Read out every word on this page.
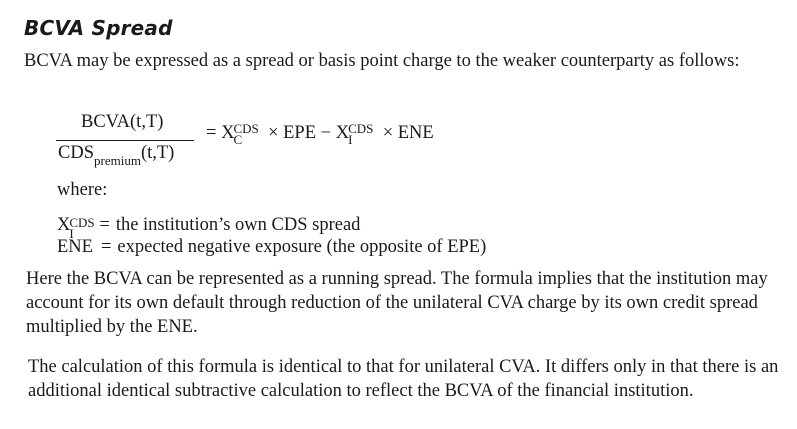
BCVA Spread

BCVA may be expressed as a spread or basis point charge to the weaker counterparty as follows:

BCVA(t,T)
$CDS_{premium}(t,T)$
= X CDS
C × EPE − X CDS
I × ENE
where:
X CDS
I = the institution’s own CDS spread
ENE = expected negative exposure (the opposite of EPE)

Here the BCVA can be represented as a running spread. The formula implies that the institution may account for its own default through reduction of the unilateral CVA charge by its own credit spread multiplied by the ENE.

The calculation of this formula is identical to that for unilateral CVA. It differs only in that there is an additional identical subtractive calculation to reflect the BCVA of the financial institution.
